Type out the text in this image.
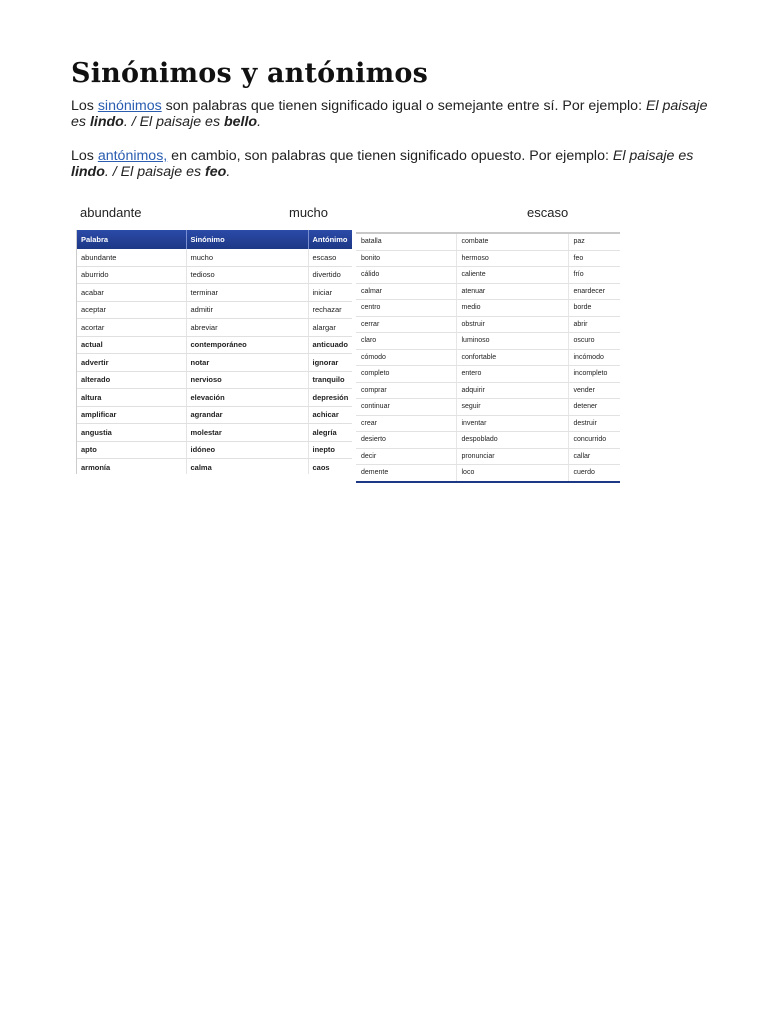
Sinónimos y antónimos

Los sinónimos son palabras que tienen significado igual o semejante entre sí. Por ejemplo: El paisaje es lindo. / El paisaje es bello.

Los antónimos, en cambio, son palabras que tienen significado opuesto. Por ejemplo: El paisaje es lindo. / El paisaje es feo.

abundante	mucho	escaso
Palabra	Sinónimo	Antónimo
abundante	mucho	escaso
aburrido	tedioso	divertido
acabar	terminar	iniciar
aceptar	admitir	rechazar
acortar	abreviar	alargar
actual	contemporáneo	anticuado
advertir	notar	ignorar
alterado	nervioso	tranquilo
altura	elevación	depresión
amplificar	agrandar	achicar
angustia	molestar	alegría
apto	idóneo	inepto
armonía	calma	caos
batalla	combate	paz
bonito	hermoso	feo
cálido	caliente	frío
calmar	atenuar	enardecer
centro	medio	borde
cerrar	obstruir	abrir
claro	luminoso	oscuro
cómodo	confortable	incómodo
completo	entero	incompleto
comprar	adquirir	vender
continuar	seguir	detener
crear	inventar	destruir
desierto	despoblado	concurrido
decir	pronunciar	callar
demente	loco	cuerdo
